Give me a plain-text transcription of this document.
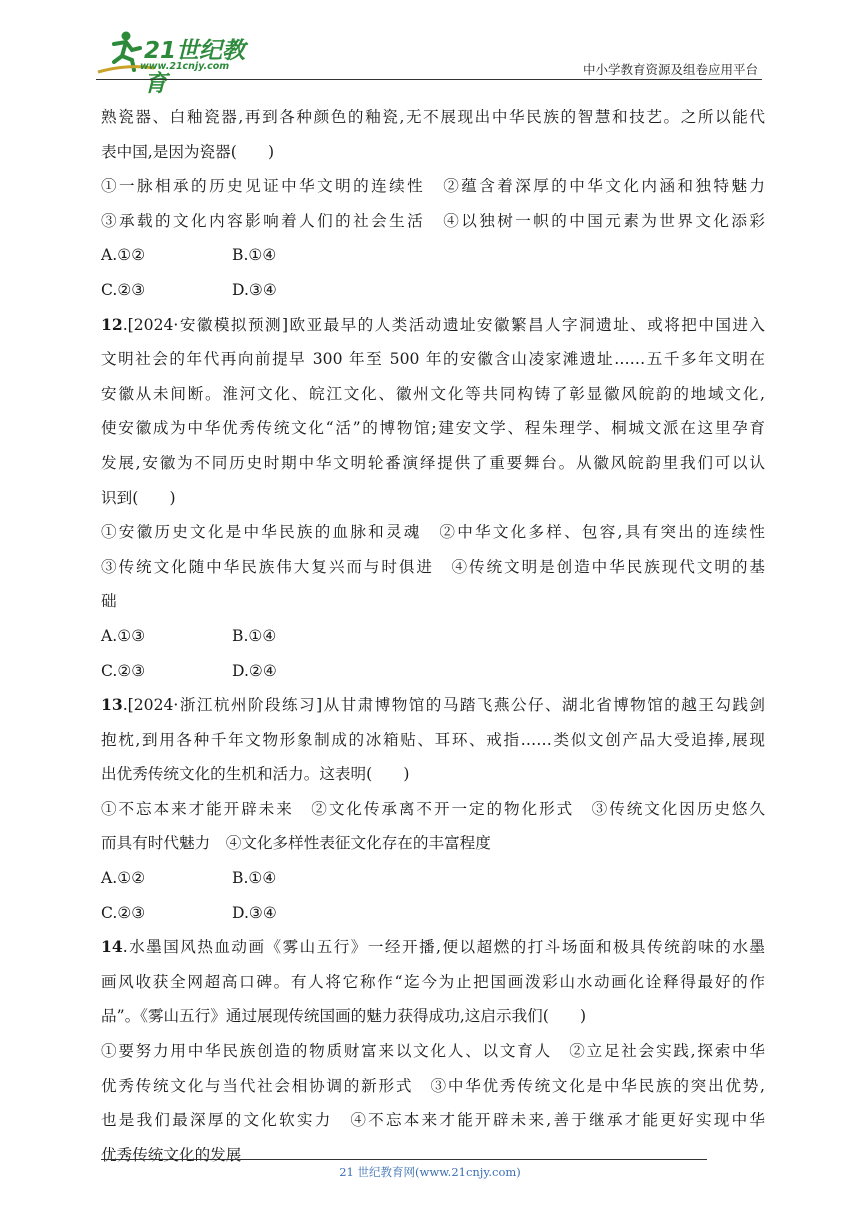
21世纪教育
www.21cnjy.com	中小学教育资源及组卷应用平台
熟瓷器、白釉瓷器,再到各种颜色的釉瓷,无不展现出中华民族的智慧和技艺。之所以能代
表中国,是因为瓷器(　　)
①一脉相承的历史见证中华文明的连续性　②蕴含着深厚的中华文化内涵和独特魅力
③承载的文化内容影响着人们的社会生活　④以独树一帜的中国元素为世界文化添彩
A.①②	B.①④
C.②③	D.③④
12.[2024·安徽模拟预测]欧亚最早的人类活动遗址安徽繁昌人字洞遗址、或将把中国进入
文明社会的年代再向前提早 300 年至 500 年的安徽含山凌家滩遗址……五千多年文明在
安徽从未间断。淮河文化、皖江文化、徽州文化等共同构铸了彰显徽风皖韵的地域文化,
使安徽成为中华优秀传统文化“活”的博物馆;建安文学、程朱理学、桐城文派在这里孕育
发展,安徽为不同历史时期中华文明轮番演绎提供了重要舞台。从徽风皖韵里我们可以认
识到(　　)
①安徽历史文化是中华民族的血脉和灵魂　②中华文化多样、包容,具有突出的连续性
③传统文化随中华民族伟大复兴而与时俱进　④传统文明是创造中华民族现代文明的基
础
A.①③	B.①④
C.②③	D.②④
13.[2024·浙江杭州阶段练习]从甘肃博物馆的马踏飞燕公仔、湖北省博物馆的越王勾践剑
抱枕,到用各种千年文物形象制成的冰箱贴、耳环、戒指……类似文创产品大受追捧,展现
出优秀传统文化的生机和活力。这表明(　　)
①不忘本来才能开辟未来　②文化传承离不开一定的物化形式　③传统文化因历史悠久
而具有时代魅力　④文化多样性表征文化存在的丰富程度
A.①②	B.①④
C.②③	D.③④
14.水墨国风热血动画《雾山五行》一经开播,便以超燃的打斗场面和极具传统韵味的水墨
画风收获全网超高口碑。有人将它称作“迄今为止把国画泼彩山水动画化诠释得最好的作
品”。《雾山五行》通过展现传统国画的魅力获得成功,这启示我们(　　)
①要努力用中华民族创造的物质财富来以文化人、以文育人　②立足社会实践,探索中华
优秀传统文化与当代社会相协调的新形式　③中华优秀传统文化是中华民族的突出优势,
也是我们最深厚的文化软实力　④不忘本来才能开辟未来,善于继承才能更好实现中华
优秀传统文化的发展
21 世纪教育网(www.21cnjy.com)
